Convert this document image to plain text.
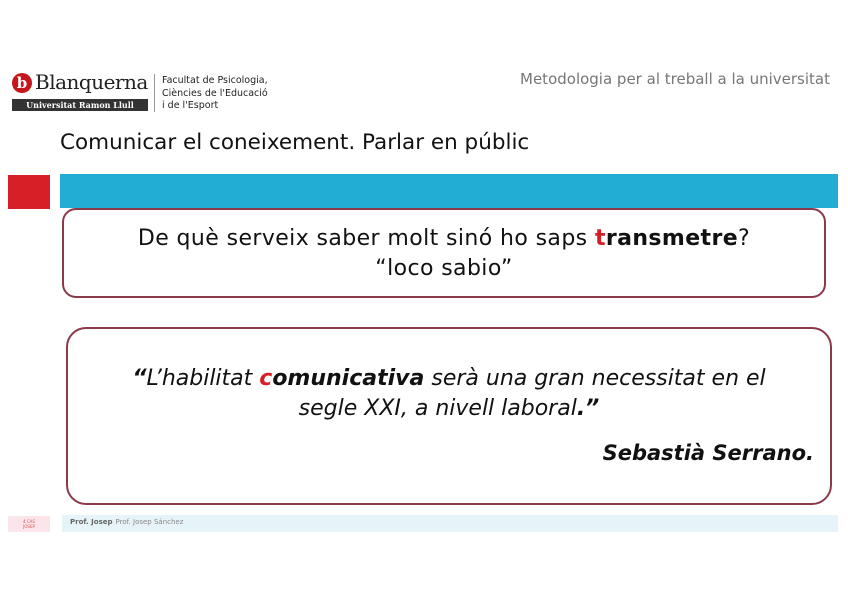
b Blanquerna
Universitat Ramon Llull
Facultat de Psicologia,
Ciències de l'Educació
i de l'Esport
Metodologia per al treball a la universitat
Comunicar el coneixement. Parlar en públic
De què serveix saber molt sinó ho saps transmetre?
“loco sabio”
“L’habilitat comunicativa serà una gran necessitat en el
segle XXI, a nivell laboral.”
Sebastià Serrano.
4 CAS
JOSEP
Prof. Josep Prof. Josep Sánchez
